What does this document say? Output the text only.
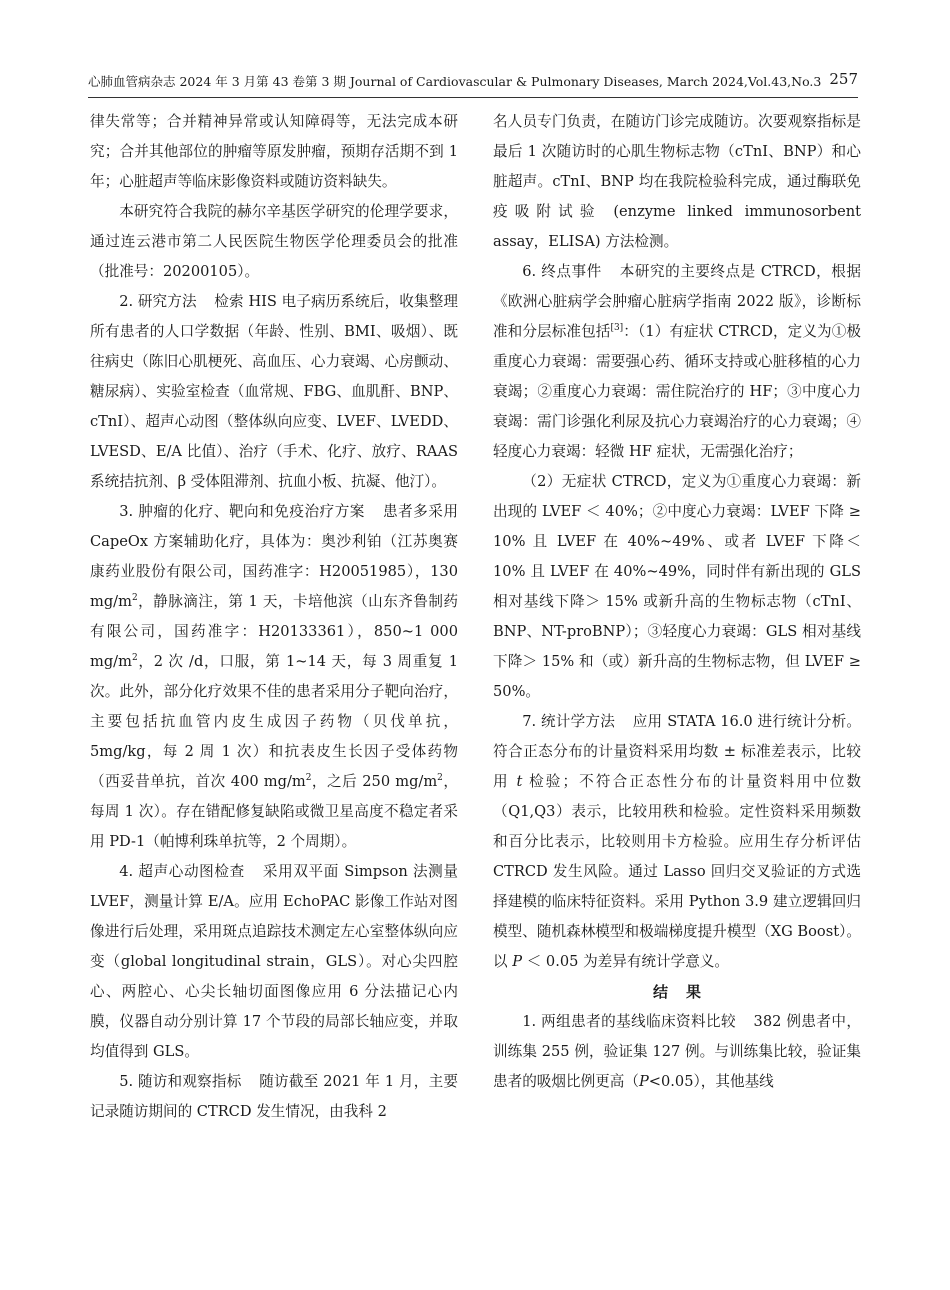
心肺血管病杂志 2024 年 3 月第 43 卷第 3 期 Journal of Cardiovascular & Pulmonary Diseases, March 2024,Vol.43,No.3 257

律失常等；合并精神异常或认知障碍等，无法完成本研究；合并其他部位的肿瘤等原发肿瘤，预期存活期不到 1 年；心脏超声等临床影像资料或随访资料缺失。

本研究符合我院的赫尔辛基医学研究的伦理学要求，通过连云港市第二人民医院生物医学伦理委员会的批准（批准号：20200105）。

2. 研究方法 检索 HIS 电子病历系统后，收集整理所有患者的人口学数据（年龄、性别、BMI、吸烟）、既往病史（陈旧心肌梗死、高血压、心力衰竭、心房颤动、糖尿病）、实验室检查（血常规、FBG、血肌酐、BNP、cTnI）、超声心动图（整体纵向应变、LVEF、LVEDD、LVESD、E/A 比值）、治疗（手术、化疗、放疗、RAAS 系统拮抗剂、β 受体阻滞剂、抗血小板、抗凝、他汀）。

3. 肿瘤的化疗、靶向和免疫治疗方案 患者多采用 CapeOx 方案辅助化疗，具体为：奥沙利铂（江苏奥赛康药业股份有限公司，国药准字：H20051985），130 $mg/m^2$，静脉滴注，第 1 天，卡培他滨（山东齐鲁制药有限公司，国药准字：H20133361），850~1 000 $mg/m^2$，2 次 /d，口服，第 1~14 天，每 3 周重复 1 次。此外，部分化疗效果不佳的患者采用分子靶向治疗，主要包括抗血管内皮生成因子药物（贝伐单抗，5mg/kg，每 2 周 1 次）和抗表皮生长因子受体药物（西妥昔单抗，首次 400 $mg/m^2$，之后 250 $mg/m^2$，每周 1 次）。存在错配修复缺陷或微卫星高度不稳定者采用 PD-1（帕博利珠单抗等，2 个周期）。

4. 超声心动图检查 采用双平面 Simpson 法测量 LVEF，测量计算 E/A。应用 EchoPAC 影像工作站对图像进行后处理，采用斑点追踪技术测定左心室整体纵向应变（global longitudinal strain，GLS）。对心尖四腔心、两腔心、心尖长轴切面图像应用 6 分法描记心内膜，仪器自动分别计算 17 个节段的局部长轴应变，并取均值得到 GLS。

5. 随访和观察指标 随访截至 2021 年 1 月，主要记录随访期间的 CTRCD 发生情况，由我科 2

名人员专门负责，在随访门诊完成随访。次要观察指标是最后 1 次随访时的心肌生物标志物（cTnI、BNP）和心脏超声。cTnI、BNP 均在我院检验科完成，通过酶联免疫吸附试验 (enzyme linked immunosorbent assay，ELISA) 方法检测。

6. 终点事件 本研究的主要终点是 CTRCD，根据《欧洲心脏病学会肿瘤心脏病学指南 2022 版》，诊断标准和分层标准包括[3]：（1）有症状 CTRCD，定义为①极重度心力衰竭：需要强心药、循环支持或心脏移植的心力衰竭；②重度心力衰竭：需住院治疗的 HF；③中度心力衰竭：需门诊强化利尿及抗心力衰竭治疗的心力衰竭；④轻度心力衰竭：轻微 HF 症状，无需强化治疗；

（2）无症状 CTRCD，定义为①重度心力衰竭：新出现的 LVEF ＜ 40%；②中度心力衰竭：LVEF 下降 ≥ 10% 且 LVEF 在 40%~49%、或者 LVEF 下降＜ 10% 且 LVEF 在 40%~49%，同时伴有新出现的 GLS 相对基线下降＞ 15% 或新升高的生物标志物（cTnI、BNP、NT-proBNP）；③轻度心力衰竭：GLS 相对基线下降＞ 15% 和（或）新升高的生物标志物，但 LVEF ≥ 50%。

7. 统计学方法 应用 STATA 16.0 进行统计分析。符合正态分布的计量资料采用均数 ± 标准差表示，比较用 t 检验；不符合正态性分布的计量资料用中位数（Q1,Q3）表示，比较用秩和检验。定性资料采用频数和百分比表示，比较则用卡方检验。应用生存分析评估 CTRCD 发生风险。通过 Lasso 回归交叉验证的方式选择建模的临床特征资料。采用 Python 3.9 建立逻辑回归模型、随机森林模型和极端梯度提升模型（XG Boost）。以 P ＜ 0.05 为差异有统计学意义。

结果

1. 两组患者的基线临床资料比较 382 例患者中，训练集 255 例，验证集 127 例。与训练集比较，验证集患者的吸烟比例更高（P<0.05），其他基线
